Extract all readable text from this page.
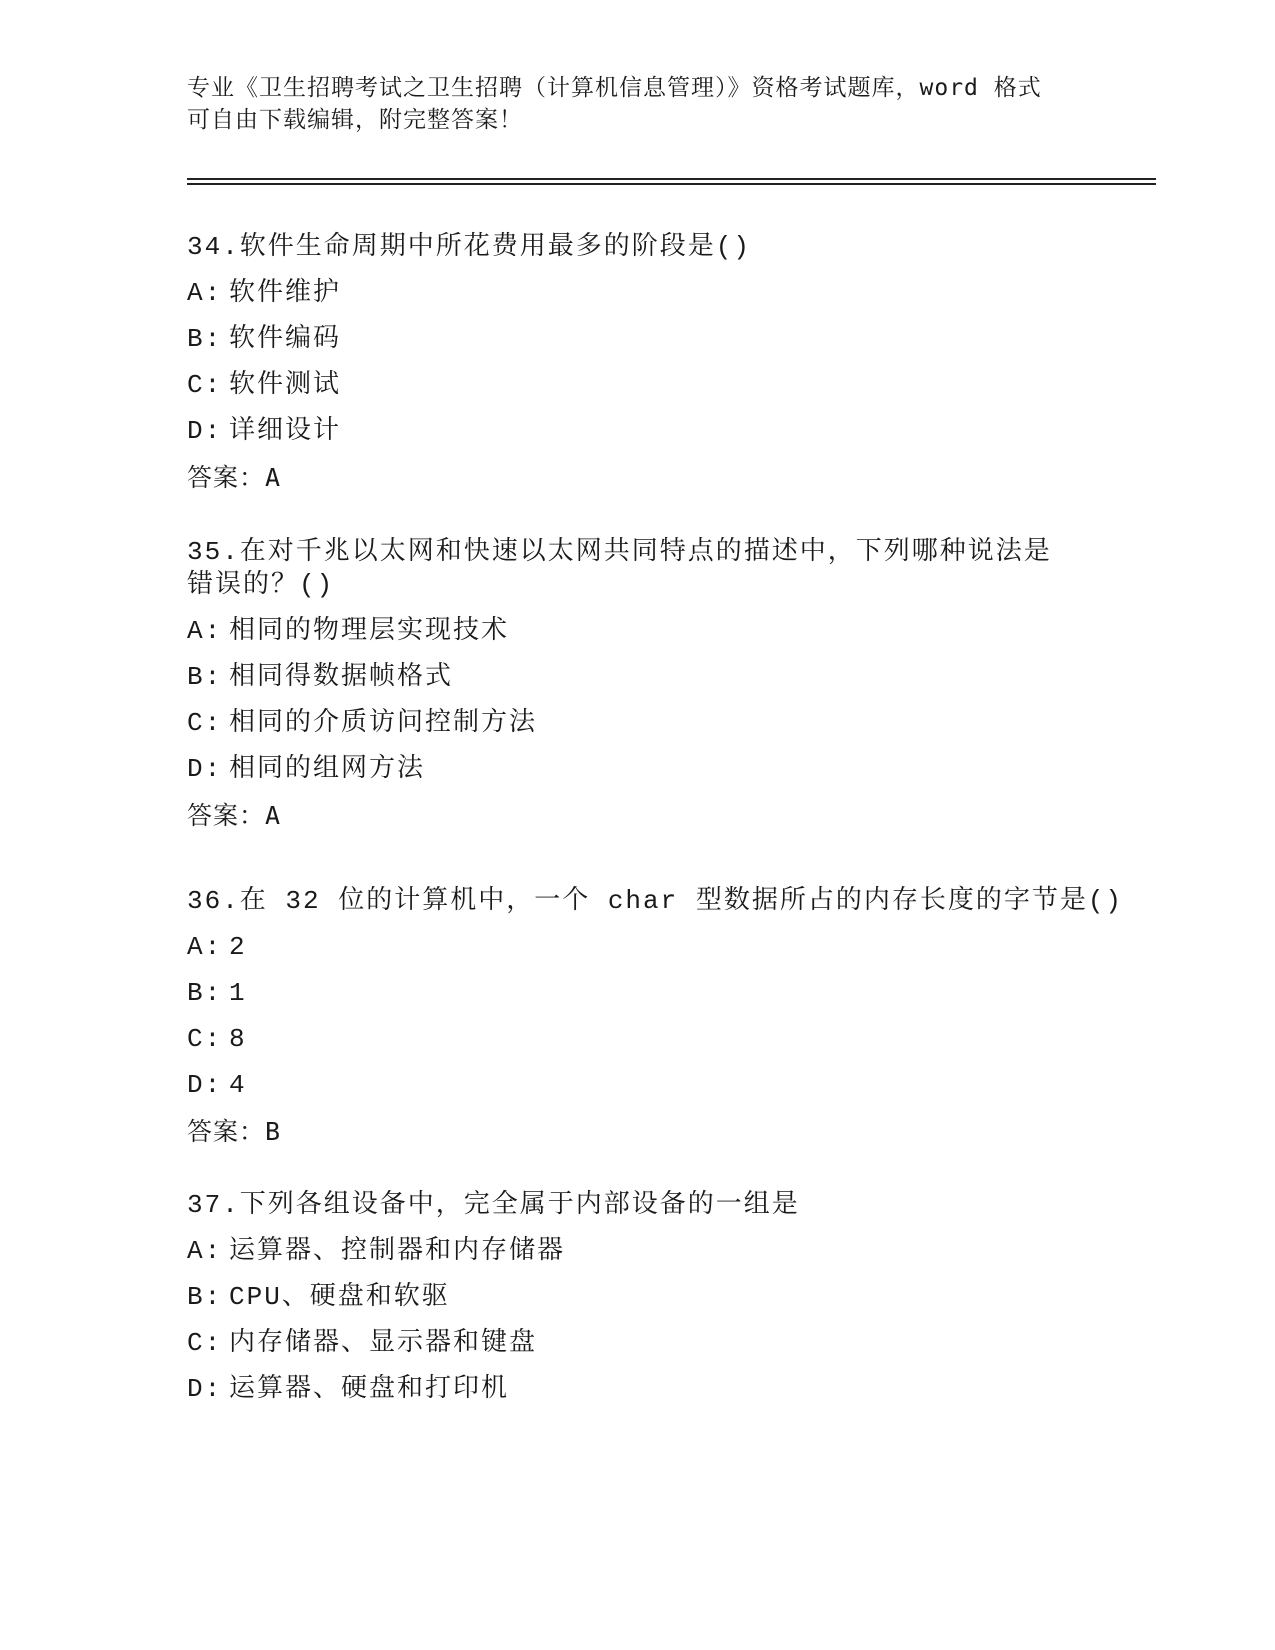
专业《卫生招聘考试之卫生招聘（计算机信息管理）》资格考试题库，word 格式
可自由下载编辑，附完整答案！
34.软件生命周期中所花费用最多的阶段是()
A: 软件维护
B: 软件编码
C: 软件测试
D: 详细设计
答案：A
35.在对千兆以太网和快速以太网共同特点的描述中，下列哪种说法是
错误的？()
A: 相同的物理层实现技术
B: 相同得数据帧格式
C: 相同的介质访问控制方法
D: 相同的组网方法
答案：A
36.在 32 位的计算机中，一个 char 型数据所占的内存长度的字节是()
A: 2
B: 1
C: 8
D: 4
答案：B
37.下列各组设备中，完全属于内部设备的一组是
A: 运算器、控制器和内存储器
B: CPU、硬盘和软驱
C: 内存储器、显示器和键盘
D: 运算器、硬盘和打印机
